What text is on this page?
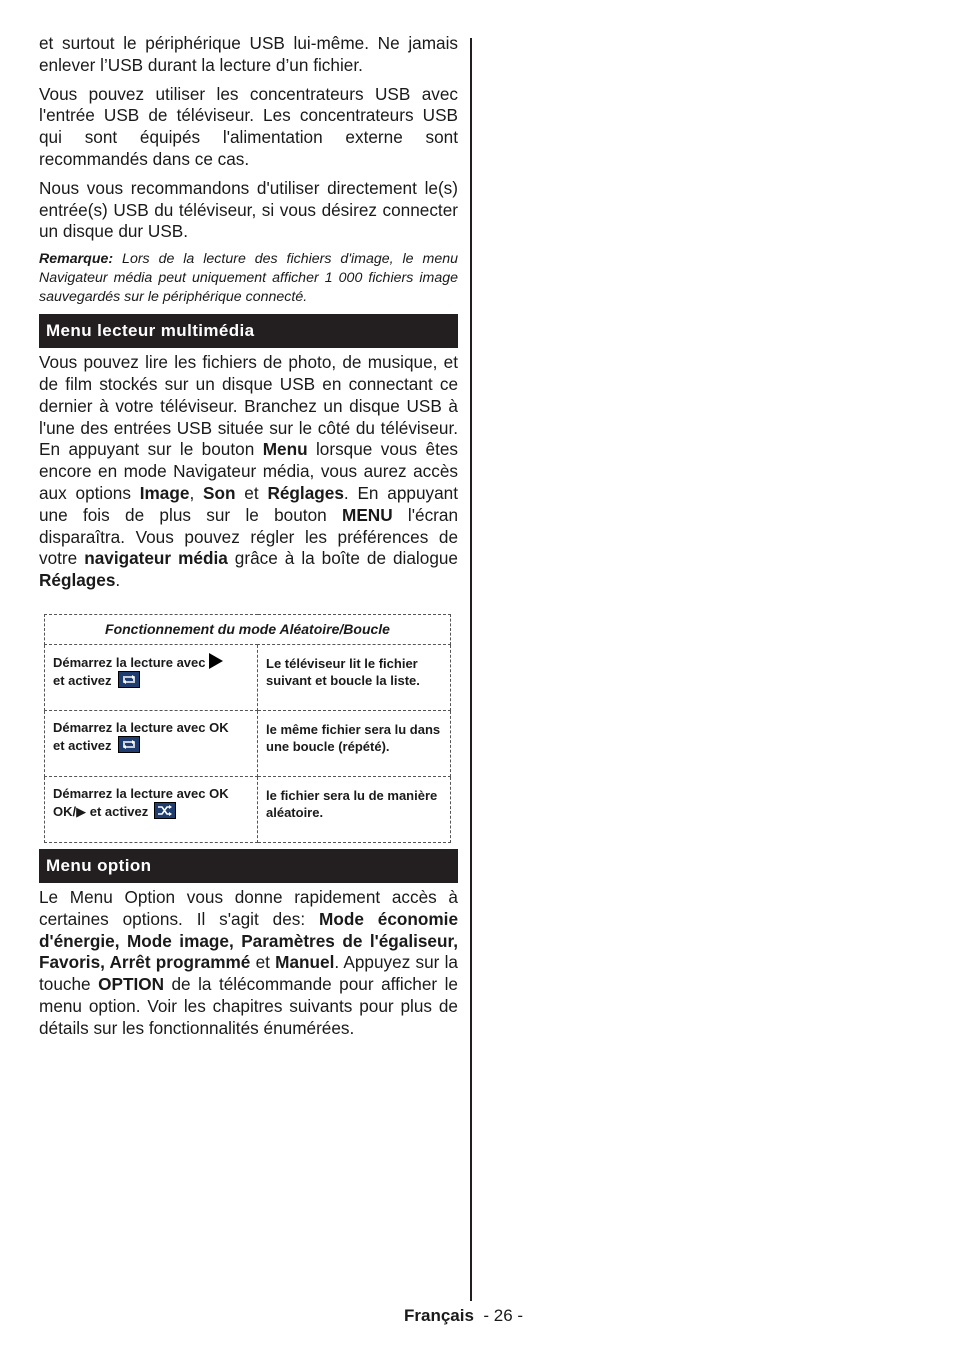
et surtout le périphérique USB lui-même. Ne jamais enlever l’USB durant la lecture d’un fichier.

Vous pouvez utiliser les concentrateurs USB avec l'entrée USB de téléviseur. Les concentrateurs USB qui sont équipés l'alimentation externe sont recommandés dans ce cas.

Nous vous recommandons d'utiliser directement le(s) entrée(s) USB du téléviseur, si vous désirez connecter un disque dur USB.

Remarque: Lors de la lecture des fichiers d'image, le menu Navigateur média peut uniquement afficher 1 000 fichiers image sauvegardés sur le périphérique connecté.

Menu lecteur multimédia

Vous pouvez lire les fichiers de photo, de musique, et de film stockés sur un disque USB en connectant ce dernier à votre téléviseur. Branchez un disque USB à l'une des entrées USB située sur le côté du téléviseur. En appuyant sur le bouton Menu lorsque vous êtes encore en mode Navigateur média, vous aurez accès aux options Image, Son et Réglages. En appuyant une fois de plus sur le bouton MENU l'écran disparaîtra. Vous pouvez régler les préférences de votre navigateur média grâce à la boîte de dialogue Réglages.

Fonctionnement du mode Aléatoire/Boucle	
Démarrez la lecture avec
et activez	Le téléviseur lit le fichier suivant et boucle la liste.
Démarrez la lecture avec OK
et activez	le même fichier sera lu dans une boucle (répété).
Démarrez la lecture avec OK
OK/▶ et activez	le fichier sera lu de manière aléatoire.
Menu option

Le Menu Option vous donne rapidement accès à certaines options. Il s'agit des: Mode économie d'énergie, Mode image, Paramètres de l'égaliseur, Favoris, Arrêt programmé et Manuel. Appuyez sur la touche OPTION de la télécommande pour afficher le menu option. Voir les chapitres suivants pour plus de détails sur les fonctionnalités énumérées.

Français  - 26 -
